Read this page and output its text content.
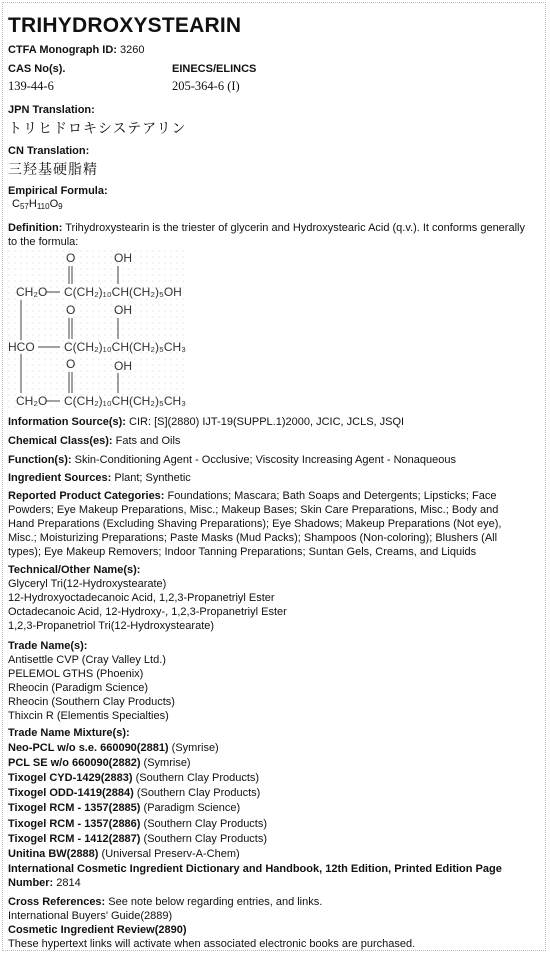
TRIHYDROXYSTEARIN
CTFA Monograph ID: 3260
CAS No(s).	EINECS/ELINCS
139-44-6	205-364-6 (I)
JPN Translation:
トリヒドロキシステアリン
CN Translation:
三羟基硬脂精
Empirical Formula:
$C_{57}H_{110}O_9$
Definition: Trihydroxystearin is the triester of glycerin and Hydroxystearic Acid (q.v.). It conforms generally to the formula:
O	OH
CH₂O C(CH₂)₁₀CH(CH₂)₅OH
O	OH
HCO C(CH₂)₁₀CH(CH₂)₅CH₃
O	OH
CH₂O C(CH₂)₁₀CH(CH₂)₅CH₃
Information Source(s): CIR: [S](2880) IJT-19(SUPPL.1)2000, JCIC, JCLS, JSQI
Chemical Class(es): Fats and Oils
Function(s): Skin-Conditioning Agent - Occlusive; Viscosity Increasing Agent - Nonaqueous
Ingredient Sources: Plant; Synthetic
Reported Product Categories: Foundations; Mascara; Bath Soaps and Detergents; Lipsticks; Face
Powders; Eye Makeup Preparations, Misc.; Makeup Bases; Skin Care Preparations, Misc.; Body and
Hand Preparations (Excluding Shaving Preparations); Eye Shadows; Makeup Preparations (Not eye),
Misc.; Moisturizing Preparations; Paste Masks (Mud Packs); Shampoos (Non-coloring); Blushers (All
types); Eye Makeup Removers; Indoor Tanning Preparations; Suntan Gels, Creams, and Liquids
Technical/Other Name(s):
Glyceryl Tri(12-Hydroxystearate)
12-Hydroxyoctadecanoic Acid, 1,2,3-Propanetriyl Ester
Octadecanoic Acid, 12-Hydroxy-, 1,2,3-Propanetriyl Ester
1,2,3-Propanetriol Tri(12-Hydroxystearate)
Trade Name(s):
Antisettle CVP (Cray Valley Ltd.)
PELEMOL GTHS (Phoenix)
Rheocin (Paradigm Science)
Rheocin (Southern Clay Products)
Thixcin R (Elementis Specialties)
Trade Name Mixture(s):
Neo-PCL w/o s.e. 660090(2881) (Symrise)
PCL SE w/o 660090(2882) (Symrise)
Tixogel CYD-1429(2883) (Southern Clay Products)
Tixogel ODD-1419(2884) (Southern Clay Products)
Tixogel RCM - 1357(2885) (Paradigm Science)
Tixogel RCM - 1357(2886) (Southern Clay Products)
Tixogel RCM - 1412(2887) (Southern Clay Products)
Unitina BW(2888) (Universal Preserv-A-Chem)
International Cosmetic Ingredient Dictionary and Handbook, 12th Edition, Printed Edition Page
Number: 2814
Cross References: See note below regarding entries, and links.
International Buyers' Guide(2889)
Cosmetic Ingredient Review(2890)
These hypertext links will activate when associated electronic books are purchased.
